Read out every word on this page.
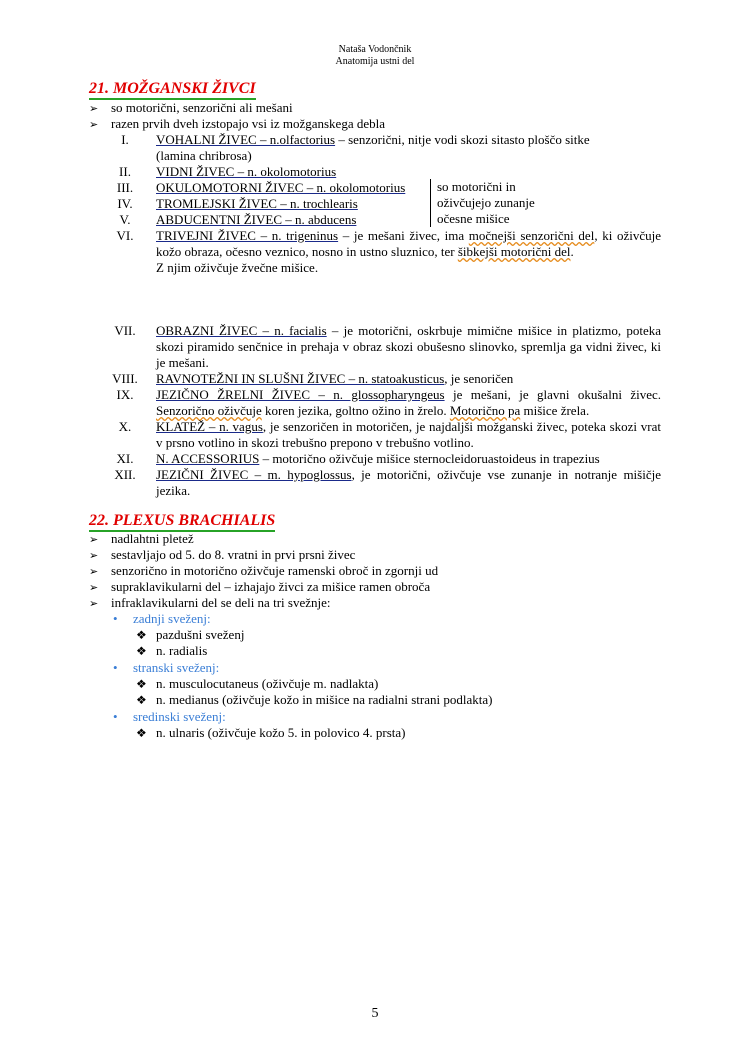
Nataša Vodončnik
Anatomija ustni del
21. MOŽGANSKI ŽIVCI
➢ so motorični, senzorični ali mešani
➢ razen prvih dveh izstopajo vsi iz možganskega debla
I.	VOHALNI ŽIVEC – n.olfactorius – senzorični, nitje vodi skozi sitasto ploščo sitke
(lamina chribrosa)
II.	VIDNI ŽIVEC – n. okolomotorius
III.	OKULOMOTORNI ŽIVEC – n. okolomotorius
IV.	TROMLEJSKI ŽIVEC – n. trochlearis
V.	ABDUCENTNI ŽIVEC – n. abducens
so motorični in
oživčujejo zunanje
očesne mišice
VI.	TRIVEJNI ŽIVEC – n. trigeninus – je mešani živec, ima močnejši senzorični del, ki oživčuje kožo obraza, očesno veznico, nosno in ustno sluznico, ter šibkejši motorični del.
Z njim oživčuje žvečne mišice.
VII.	OBRAZNI ŽIVEC – n. facialis – je motorični, oskrbuje mimične mišice in platizmo, poteka skozi piramido senčnice in prehaja v obraz skozi obušesno slinovko, spremlja ga vidni živec, ki je mešani.
VIII.	RAVNOTEŽNI IN SLUŠNI ŽIVEC – n. statoakusticus, je senoričen
IX.	JEZIČNO ŽRELNI ŽIVEC – n. glossopharyngeus je mešani, je glavni okušalni živec. Senzorično oživčuje koren jezika, goltno ožino in žrelo. Motorično pa mišice žrela.
X.	KLATEŽ – n. vagus, je senzoričen in motoričen, je najdaljši možganski živec, poteka skozi vrat v prsno votlino in skozi trebušno prepono v trebušno votlino.
XI.	N. ACCESSORIUS – motorično oživčuje mišice sternocleidoruastoideus in trapezius
XII.	JEZIČNI ŽIVEC – m. hypoglossus, je motorični, oživčuje vse zunanje in notranje mišičje jezika.
22. PLEXUS BRACHIALIS
➢ nadlahtni pletež
➢ sestavljajo od 5. do 8. vratni in prvi prsni živec
➢ senzorično in motorično oživčuje ramenski obroč in zgornji ud
➢ supraklavikularni del – izhajajo živci za mišice ramen obroča
➢ infraklavikularni del se deli na tri svežnje:
• zadnji sveženj:
❖ pazdušni sveženj
❖ n. radialis
• stranski sveženj:
❖ n. musculocutaneus (oživčuje m. nadlakta)
❖ n. medianus (oživčuje kožo in mišice na radialni strani podlakta)
• sredinski sveženj:
❖ n. ulnaris (oživčuje kožo 5. in polovico 4. prsta)
5
